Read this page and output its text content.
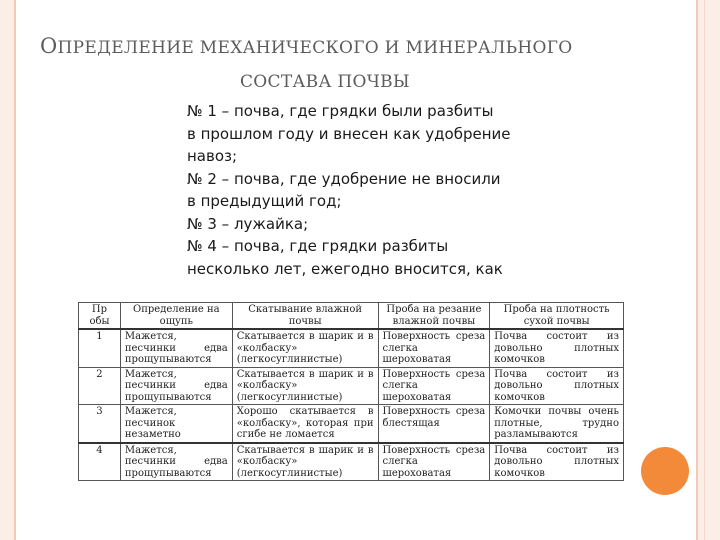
ОПРЕДЕЛЕНИЕ МЕХАНИЧЕСКОГО И МИНЕРАЛЬНОГО
СОСТАВА ПОЧВЫ
№ 1 – почва, где грядки были разбиты
в прошлом году и внесен как удобрение
навоз;
№ 2 – почва, где удобрение не вносили
в предыдущий год;
№ 3 – лужайка;
№ 4 – почва, где грядки разбиты
несколько лет, ежегодно вносится, как
Пр обы	Определение на ощупь	Скатывание влажной почвы	Проба на резание влажной почвы	Проба на плотность сухой почвы
1	Мажется, песчинки едва прощупываются	Скатывается в шарик и в «колбаску» (легкосуглинистые)	Поверхность среза слегка шероховатая	Почва состоит из довольно плотных комочков
2	Мажется, песчинки едва прощупываются	Скатывается в шарик и в «колбаску» (легкосуглинистые)	Поверхность среза слегка шероховатая	Почва состоит из довольно плотных комочков
3	Мажется, песчинок незаметно	Хорошо скатывается в «колбаску», которая при сгибе не ломается	Поверхность среза блестящая	Комочки почвы очень плотные, трудно разламываются
4	Мажется, песчинки едва прощупываются	Скатывается в шарик и в «колбаску» (легкосуглинистые)	Поверхность среза слегка шероховатая	Почва состоит из довольно плотных комочков
